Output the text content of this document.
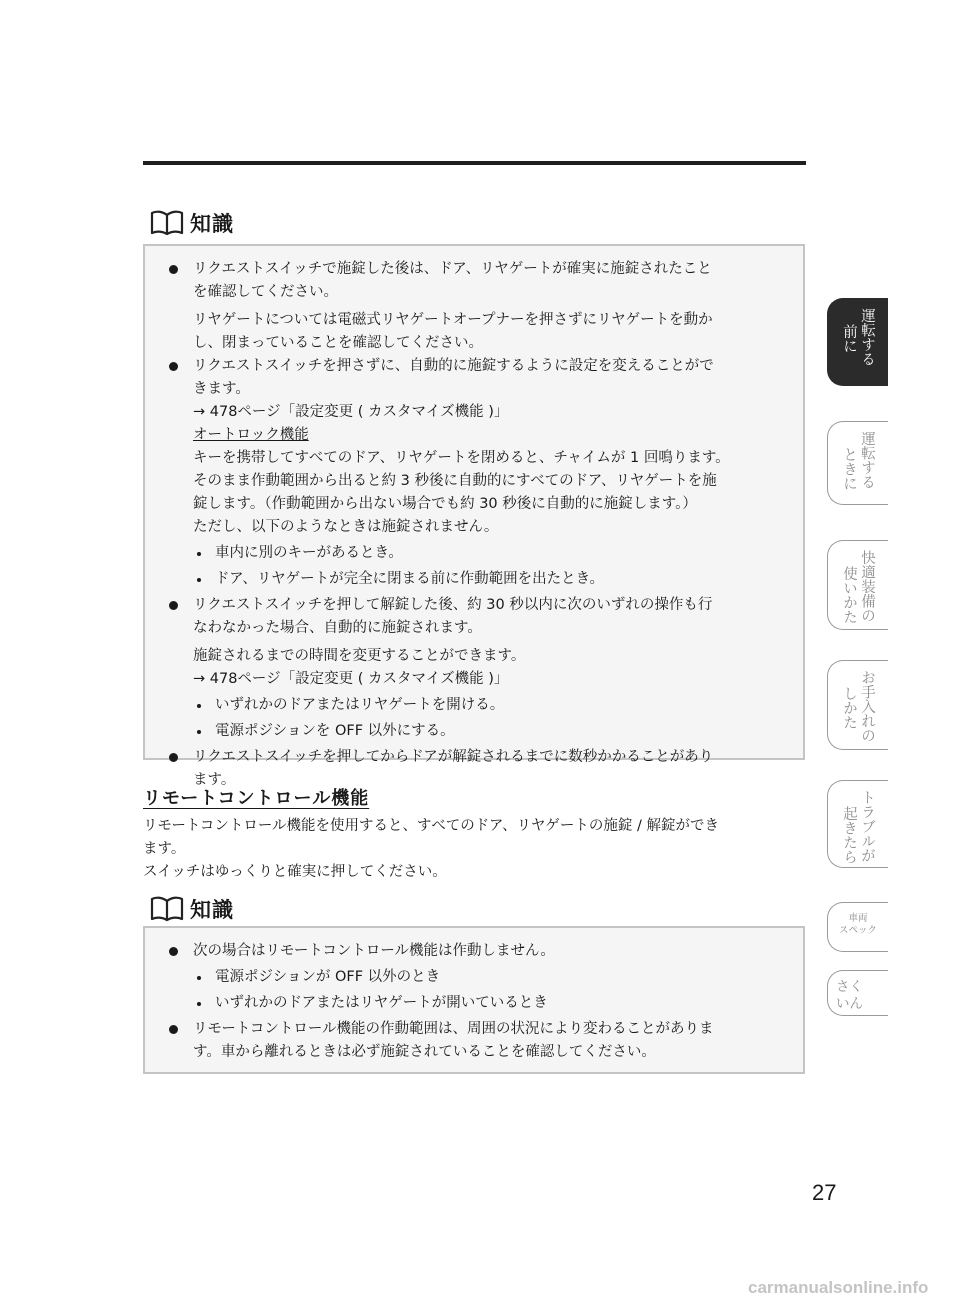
知識
リクエストスイッチで施錠した後は、ドア、リヤゲートが確実に施錠されたこと
を確認してください。
リヤゲートについては電磁式リヤゲートオープナーを押さずにリヤゲートを動か
し、閉まっていることを確認してください。
リクエストスイッチを押さずに、自動的に施錠するように設定を変えることがで
きます。
→ 478ページ「設定変更 ( カスタマイズ機能 )」
オートロック機能
キーを携帯してすべてのドア、リヤゲートを閉めると、チャイムが 1 回鳴ります。
そのまま作動範囲から出ると約 3 秒後に自動的にすべてのドア、リヤゲートを施
錠します。（作動範囲から出ない場合でも約 30 秒後に自動的に施錠します。）
ただし、以下のようなときは施錠されません。
車内に別のキーがあるとき。
ドア、リヤゲートが完全に閉まる前に作動範囲を出たとき。
リクエストスイッチを押して解錠した後、約 30 秒以内に次のいずれの操作も行
なわなかった場合、自動的に施錠されます。
施錠されるまでの時間を変更することができます。
→ 478ページ「設定変更 ( カスタマイズ機能 )」
いずれかのドアまたはリヤゲートを開ける。
電源ポジションを OFF 以外にする。
リクエストスイッチを押してからドアが解錠されるまでに数秒かかることがあり
ます。
リモートコントロール機能
リモートコントロール機能を使用すると、すべてのドア、リヤゲートの施錠 / 解錠ができ
ます。
スイッチはゆっくりと確実に押してください。
知識
次の場合はリモートコントロール機能は作動しません。
電源ポジションが OFF 以外のとき
いずれかのドアまたはリヤゲートが開いているとき
リモートコントロール機能の作動範囲は、周囲の状況により変わることがありま
す。車から離れるときは必ず施錠されていることを確認してください。
前に 運転する
ときに 運転する
使いかた 快適装備の
しかた お手入れの
起きたら トラブルが
車両
スペック
さく
いん
27
carmanualsonline.info
